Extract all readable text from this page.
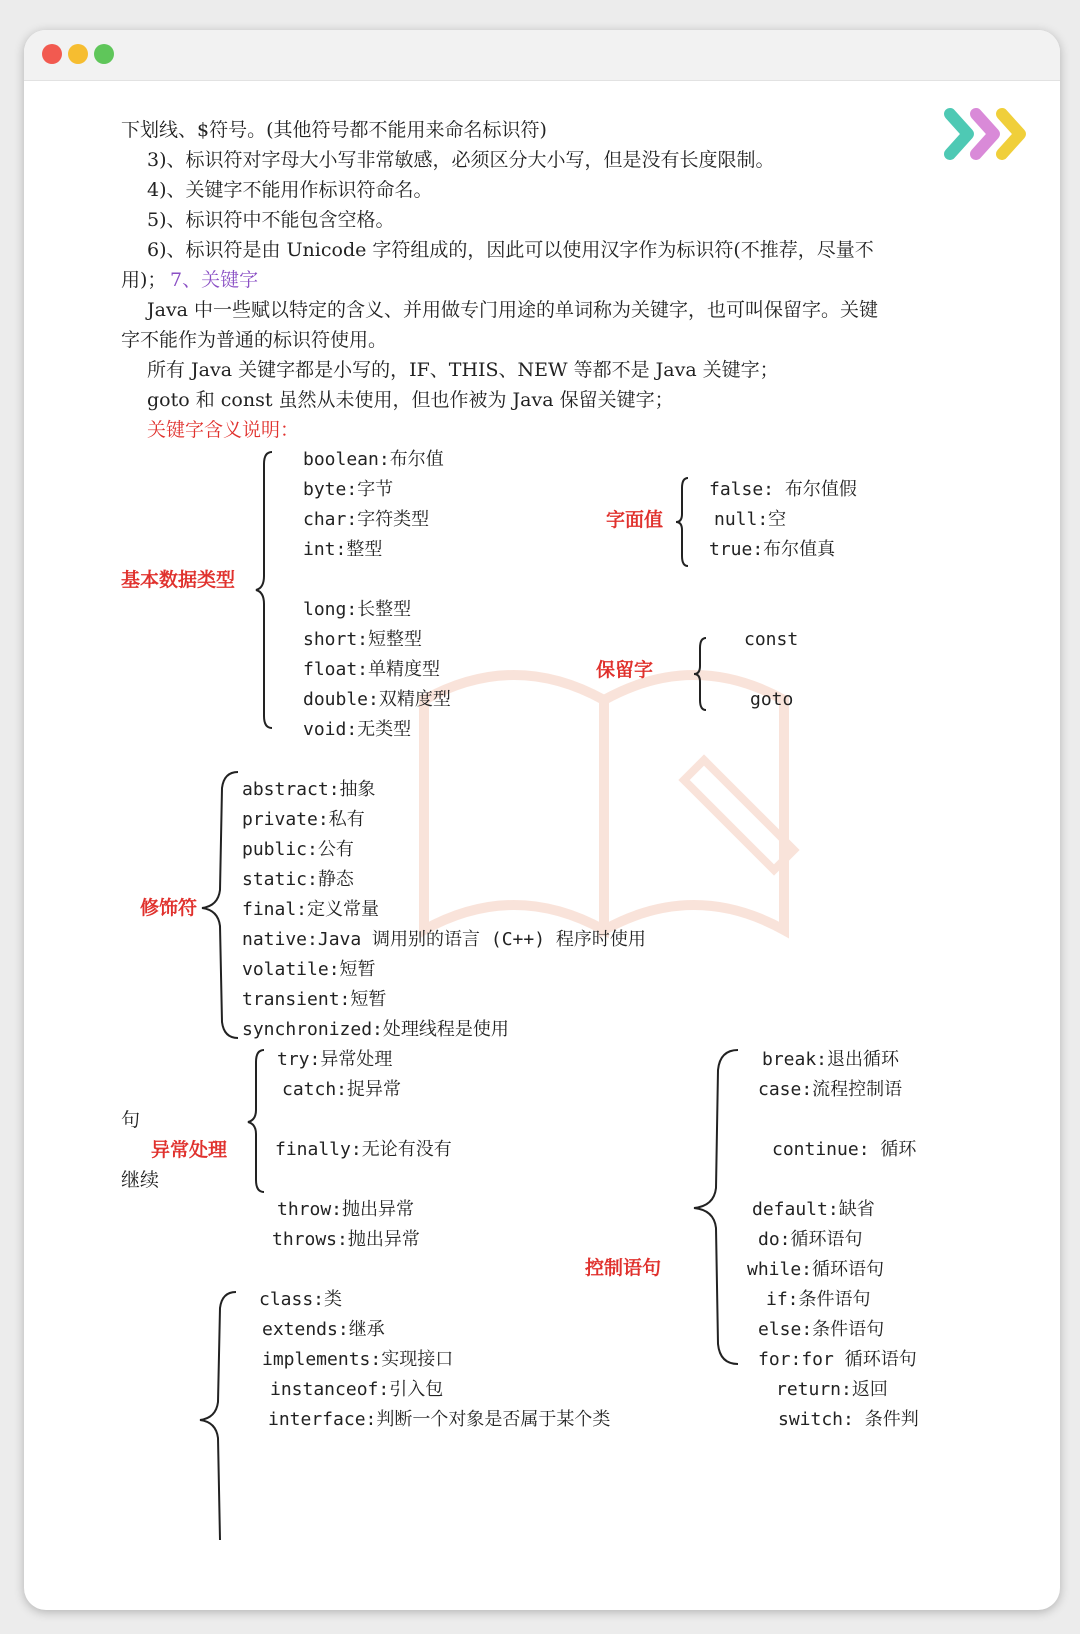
下划线、$符号。(其他符号都不能用来命名标识符)
3)、标识符对字母大小写非常敏感，必须区分大小写，但是没有长度限制。
4)、关键字不能用作标识符命名。
5)、标识符中不能包含空格。
6)、标识符是由 Unicode 字符组成的，因此可以使用汉字作为标识符(不推荐，尽量不
用)； 7、关键字
Java 中一些赋以特定的含义、并用做专门用途的单词称为关键字，也可叫保留字。关键
字不能作为普通的标识符使用。
所有 Java 关键字都是小写的，IF、THIS、NEW 等都不是 Java 关键字；
goto 和 const 虽然从未使用，但也作被为 Java 保留关键字；
关键字含义说明：
基本数据类型
boolean:布尔值
byte:字节
char:字符类型
int:整型
long:长整型
short:短整型
float:单精度型
double:双精度型
void:无类型
字面值
false: 布尔值假
null:空
true:布尔值真
保留字
const
goto
修饰符
abstract:抽象
private:私有
public:公有
static:静态
final:定义常量
native:Java 调用别的语言 (C++) 程序时使用
volatile:短暂
transient:短暂
synchronized:处理线程是使用
句
异常处理
继续
try:异常处理
catch:捉异常
finally:无论有没有
throw:抛出异常
throws:抛出异常
控制语句
break:退出循环
case:流程控制语
continue: 循环
default:缺省
do:循环语句
while:循环语句
if:条件语句
else:条件语句
for:for 循环语句
return:返回
switch: 条件判
class:类
extends:继承
implements:实现接口
instanceof:引入包
interface:判断一个对象是否属于某个类
